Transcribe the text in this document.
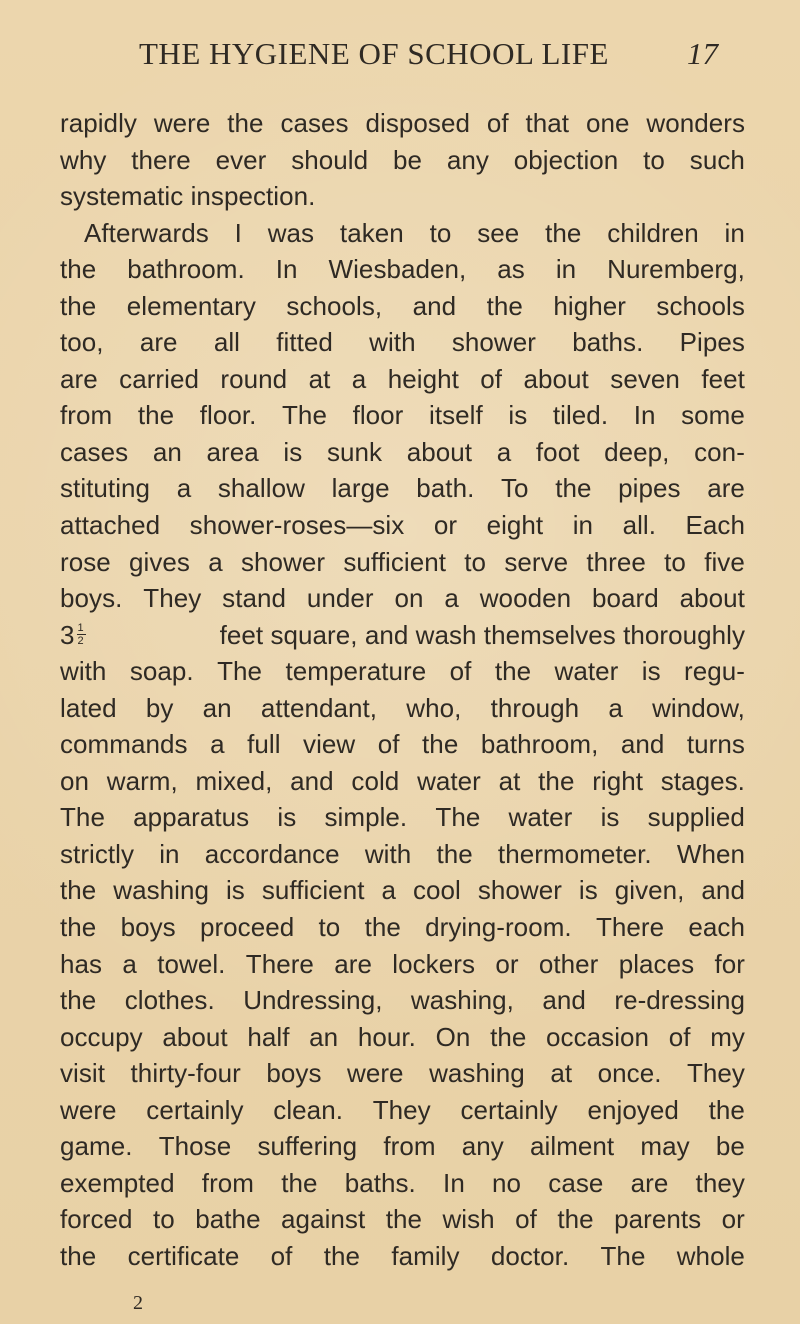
THE HYGIENE OF SCHOOL LIFE	17
rapidly were the cases disposed of that one wonders
why there ever should be any objection to such
systematic inspection.
Afterwards I was taken to see the children in
the bathroom. In Wiesbaden, as in Nuremberg,
the elementary schools, and the higher schools
too, are all fitted with shower baths. Pipes
are carried round at a height of about seven feet
from the floor. The floor itself is tiled. In some
cases an area is sunk about a foot deep, con-
stituting a shallow large bath. To the pipes are
attached shower-roses—six or eight in all. Each
rose gives a shower sufficient to serve three to five
boys. They stand under on a wooden board about
$3 \frac{1}{2}$	feet square, and wash themselves thoroughly
with soap. The temperature of the water is regu-
lated by an attendant, who, through a window,
commands a full view of the bathroom, and turns
on warm, mixed, and cold water at the right stages.
The apparatus is simple. The water is supplied
strictly in accordance with the thermometer. When
the washing is sufficient a cool shower is given, and
the boys proceed to the drying-room. There each
has a towel. There are lockers or other places for
the clothes. Undressing, washing, and re-dressing
occupy about half an hour. On the occasion of my
visit thirty-four boys were washing at once. They
were certainly clean. They certainly enjoyed the
game. Those suffering from any ailment may be
exempted from the baths. In no case are they
forced to bathe against the wish of the parents or
the certificate of the family doctor. The whole
2
